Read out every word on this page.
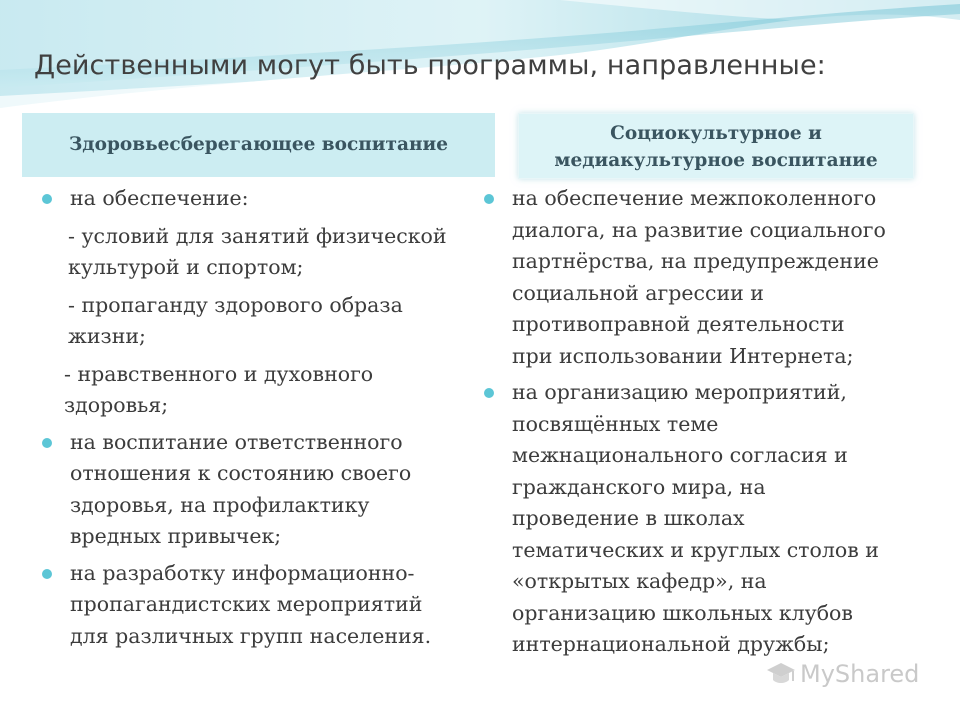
Действенными могут быть программы, направленные:
Здоровьесберегающее воспитание
Социокультурное и
медиакультурное воспитание
на обеспечение:
- условий для занятий физической
культурой и спортом;
- пропаганду здорового образа
жизни;
- нравственного и духовного
здоровья;
на воспитание ответственного
отношения к состоянию своего
здоровья, на профилактику
вредных привычек;
на разработку информационно-
пропагандистских мероприятий
для различных групп населения.
на обеспечение межпоколенного
диалога, на развитие социального
партнёрства, на предупреждение
социальной агрессии и
противоправной деятельности
при использовании Интернета;
на организацию мероприятий,
посвящённых теме
межнационального согласия и
гражданского мира, на
проведение в школах
тематических и круглых столов и
«открытых кафедр», на
организацию школьных клубов
интернациональной дружбы;
MyShared
